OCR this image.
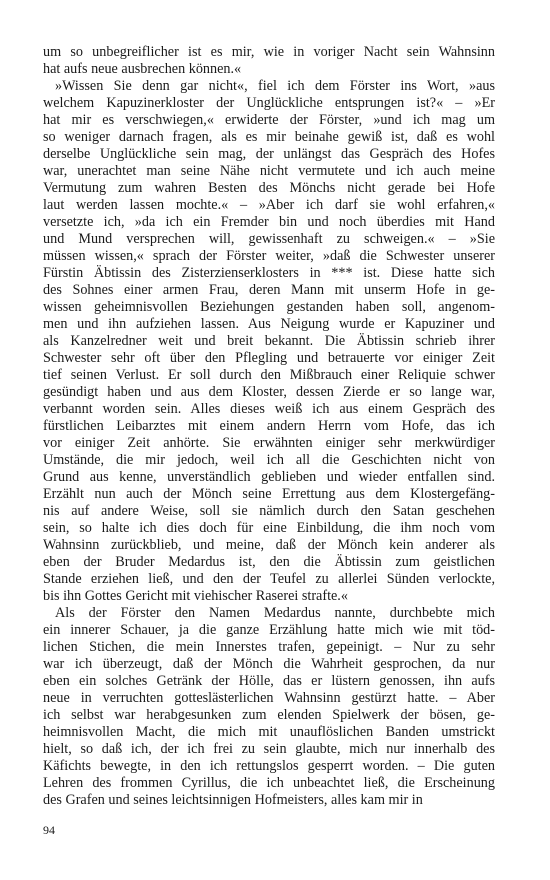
um so unbegreiflicher ist es mir, wie in voriger Nacht sein Wahnsinn
hat aufs neue ausbrechen können.«
»Wissen Sie denn gar nicht«, fiel ich dem Förster ins Wort, »aus
welchem Kapuzinerkloster der Unglückliche entsprungen ist?« – »Er
hat mir es verschwiegen,« erwiderte der Förster, »und ich mag um
so weniger darnach fragen, als es mir beinahe gewiß ist, daß es wohl
derselbe Unglückliche sein mag, der unlängst das Gespräch des Hofes
war, unerachtet man seine Nähe nicht vermutete und ich auch meine
Vermutung zum wahren Besten des Mönchs nicht gerade bei Hofe
laut werden lassen mochte.« – »Aber ich darf sie wohl erfahren,«
versetzte ich, »da ich ein Fremder bin und noch überdies mit Hand
und Mund versprechen will, gewissenhaft zu schweigen.« – »Sie
müssen wissen,« sprach der Förster weiter, »daß die Schwester unserer
Fürstin Äbtissin des Zisterzienserklosters in *** ist. Diese hatte sich
des Sohnes einer armen Frau, deren Mann mit unserm Hofe in ge-
wissen geheimnisvollen Beziehungen gestanden haben soll, angenom-
men und ihn aufziehen lassen. Aus Neigung wurde er Kapuziner und
als Kanzelredner weit und breit bekannt. Die Äbtissin schrieb ihrer
Schwester sehr oft über den Pflegling und betrauerte vor einiger Zeit
tief seinen Verlust. Er soll durch den Mißbrauch einer Reliquie schwer
gesündigt haben und aus dem Kloster, dessen Zierde er so lange war,
verbannt worden sein. Alles dieses weiß ich aus einem Gespräch des
fürstlichen Leibarztes mit einem andern Herrn vom Hofe, das ich
vor einiger Zeit anhörte. Sie erwähnten einiger sehr merkwürdiger
Umstände, die mir jedoch, weil ich all die Geschichten nicht von
Grund aus kenne, unverständlich geblieben und wieder entfallen sind.
Erzählt nun auch der Mönch seine Errettung aus dem Klostergefäng-
nis auf andere Weise, soll sie nämlich durch den Satan geschehen
sein, so halte ich dies doch für eine Einbildung, die ihm noch vom
Wahnsinn zurückblieb, und meine, daß der Mönch kein anderer als
eben der Bruder Medardus ist, den die Äbtissin zum geistlichen
Stande erziehen ließ, und den der Teufel zu allerlei Sünden verlockte,
bis ihn Gottes Gericht mit viehischer Raserei strafte.«
Als der Förster den Namen Medardus nannte, durchbebte mich
ein innerer Schauer, ja die ganze Erzählung hatte mich wie mit töd-
lichen Stichen, die mein Innerstes trafen, gepeinigt. – Nur zu sehr
war ich überzeugt, daß der Mönch die Wahrheit gesprochen, da nur
eben ein solches Getränk der Hölle, das er lüstern genossen, ihn aufs
neue in verruchten gotteslästerlichen Wahnsinn gestürzt hatte. – Aber
ich selbst war herabgesunken zum elenden Spielwerk der bösen, ge-
heimnisvollen Macht, die mich mit unauflöslichen Banden umstrickt
hielt, so daß ich, der ich frei zu sein glaubte, mich nur innerhalb des
Käfichts bewegte, in den ich rettungslos gesperrt worden. – Die guten
Lehren des frommen Cyrillus, die ich unbeachtet ließ, die Erscheinung
des Grafen und seines leichtsinnigen Hofmeisters, alles kam mir in
94
